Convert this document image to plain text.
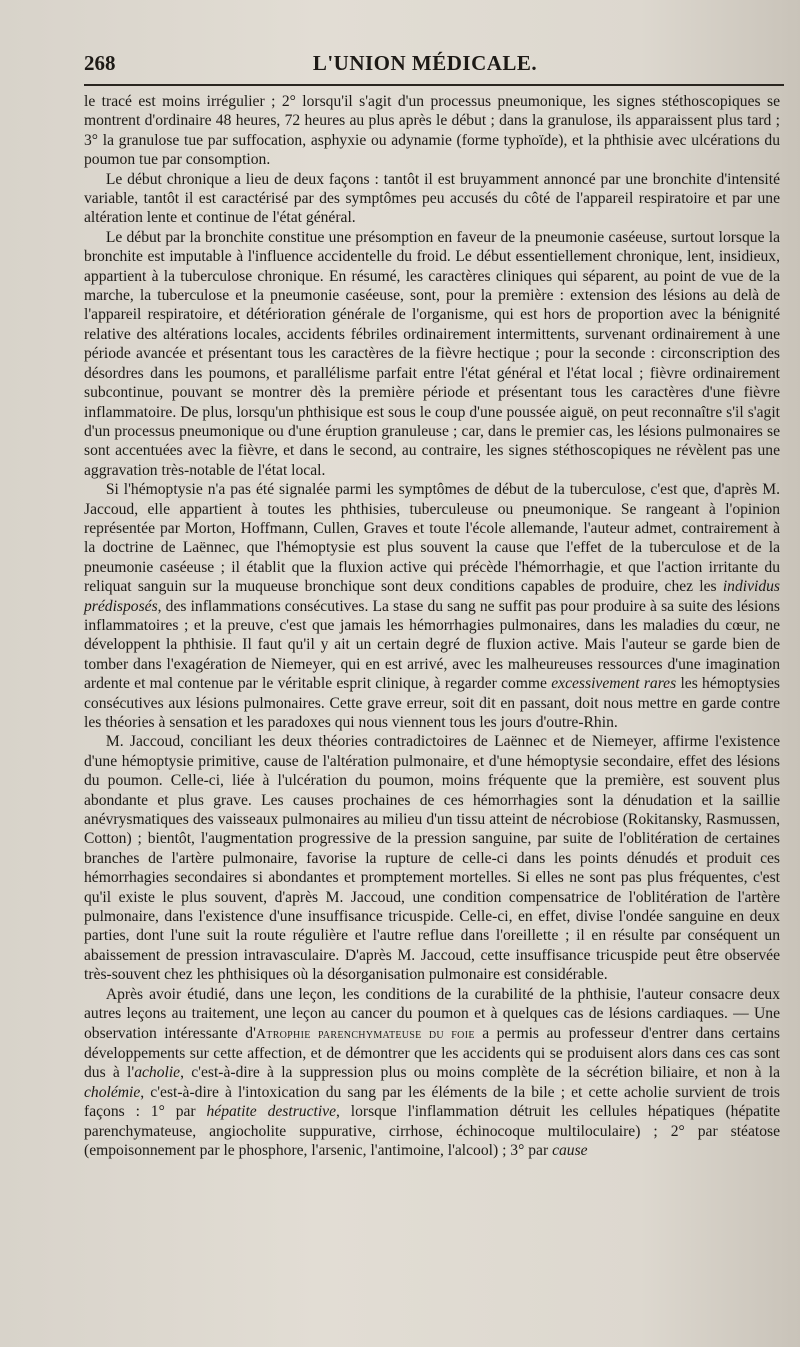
268	L'UNION MÉDICALE.

le tracé est moins irrégulier ; 2° lorsqu'il s'agit d'un processus pneumonique, les signes stéthoscopiques se montrent d'ordinaire 48 heures, 72 heures au plus après le début ; dans la granulose, ils apparaissent plus tard ; 3° la granulose tue par suffocation, asphyxie ou adynamie (forme typhoïde), et la phthisie avec ulcérations du poumon tue par consomption.

Le début chronique a lieu de deux façons : tantôt il est bruyamment annoncé par une bronchite d'intensité variable, tantôt il est caractérisé par des symptômes peu accusés du côté de l'appareil respiratoire et par une altération lente et continue de l'état général.

Le début par la bronchite constitue une présomption en faveur de la pneumonie caséeuse, surtout lorsque la bronchite est imputable à l'influence accidentelle du froid. Le début essentiellement chronique, lent, insidieux, appartient à la tuberculose chronique. En résumé, les caractères cliniques qui séparent, au point de vue de la marche, la tuberculose et la pneumonie caséeuse, sont, pour la première : extension des lésions au delà de l'appareil respiratoire, et détérioration générale de l'organisme, qui est hors de proportion avec la bénignité relative des altérations locales, accidents fébriles ordinairement intermittents, survenant ordinairement à une période avancée et présentant tous les caractères de la fièvre hectique ; pour la seconde : circonscription des désordres dans les poumons, et parallélisme parfait entre l'état général et l'état local ; fièvre ordinairement subcontinue, pouvant se montrer dès la première période et présentant tous les caractères d'une fièvre inflammatoire. De plus, lorsqu'un phthisique est sous le coup d'une poussée aiguë, on peut reconnaître s'il s'agit d'un processus pneumonique ou d'une éruption granuleuse ; car, dans le premier cas, les lésions pulmonaires se sont accentuées avec la fièvre, et dans le second, au contraire, les signes stéthoscopiques ne révèlent pas une aggravation très-notable de l'état local.

Si l'hémoptysie n'a pas été signalée parmi les symptômes de début de la tuberculose, c'est que, d'après M. Jaccoud, elle appartient à toutes les phthisies, tuberculeuse ou pneumonique. Se rangeant à l'opinion représentée par Morton, Hoffmann, Cullen, Graves et toute l'école allemande, l'auteur admet, contrairement à la doctrine de Laënnec, que l'hémoptysie est plus souvent la cause que l'effet de la tuberculose et de la pneumonie caséeuse ; il établit que la fluxion active qui précède l'hémorrhagie, et que l'action irritante du reliquat sanguin sur la muqueuse bronchique sont deux conditions capables de produire, chez les individus prédisposés, des inflammations consécutives. La stase du sang ne suffit pas pour produire à sa suite des lésions inflammatoires ; et la preuve, c'est que jamais les hémorrhagies pulmonaires, dans les maladies du cœur, ne développent la phthisie. Il faut qu'il y ait un certain degré de fluxion active. Mais l'auteur se garde bien de tomber dans l'exagération de Niemeyer, qui en est arrivé, avec les malheureuses ressources d'une imagination ardente et mal contenue par le véritable esprit clinique, à regarder comme excessivement rares les hémoptysies consécutives aux lésions pulmonaires. Cette grave erreur, soit dit en passant, doit nous mettre en garde contre les théories à sensation et les paradoxes qui nous viennent tous les jours d'outre-Rhin.

M. Jaccoud, conciliant les deux théories contradictoires de Laënnec et de Niemeyer, affirme l'existence d'une hémoptysie primitive, cause de l'altération pulmonaire, et d'une hémoptysie secondaire, effet des lésions du poumon. Celle-ci, liée à l'ulcération du poumon, moins fréquente que la première, est souvent plus abondante et plus grave. Les causes prochaines de ces hémorrhagies sont la dénudation et la saillie anévrysmatiques des vaisseaux pulmonaires au milieu d'un tissu atteint de nécrobiose (Rokitansky, Rasmussen, Cotton) ; bientôt, l'augmentation progressive de la pression sanguine, par suite de l'oblitération de certaines branches de l'artère pulmonaire, favorise la rupture de celle-ci dans les points dénudés et produit ces hémorrhagies secondaires si abondantes et promptement mortelles. Si elles ne sont pas plus fréquentes, c'est qu'il existe le plus souvent, d'après M. Jaccoud, une condition compensatrice de l'oblitération de l'artère pulmonaire, dans l'existence d'une insuffisance tricuspide. Celle-ci, en effet, divise l'ondée sanguine en deux parties, dont l'une suit la route régulière et l'autre reflue dans l'oreillette ; il en résulte par conséquent un abaissement de pression intravasculaire. D'après M. Jaccoud, cette insuffisance tricuspide peut être observée très-souvent chez les phthisiques où la désorganisation pulmonaire est considérable.

Après avoir étudié, dans une leçon, les conditions de la curabilité de la phthisie, l'auteur consacre deux autres leçons au traitement, une leçon au cancer du poumon et à quelques cas de lésions cardiaques. — Une observation intéressante d'Atrophie parenchymateuse du foie a permis au professeur d'entrer dans certains développements sur cette affection, et de démontrer que les accidents qui se produisent alors dans ces cas sont dus à l'acholie, c'est-à-dire à la suppression plus ou moins complète de la sécrétion biliaire, et non à la cholémie, c'est-à-dire à l'intoxication du sang par les éléments de la bile ; et cette acholie survient de trois façons : 1° par hépatite destructive, lorsque l'inflammation détruit les cellules hépatiques (hépatite parenchymateuse, angiocholite suppurative, cirrhose, échinocoque multiloculaire) ; 2° par stéatose (empoisonnement par le phosphore, l'arsenic, l'antimoine, l'alcool) ; 3° par cause
